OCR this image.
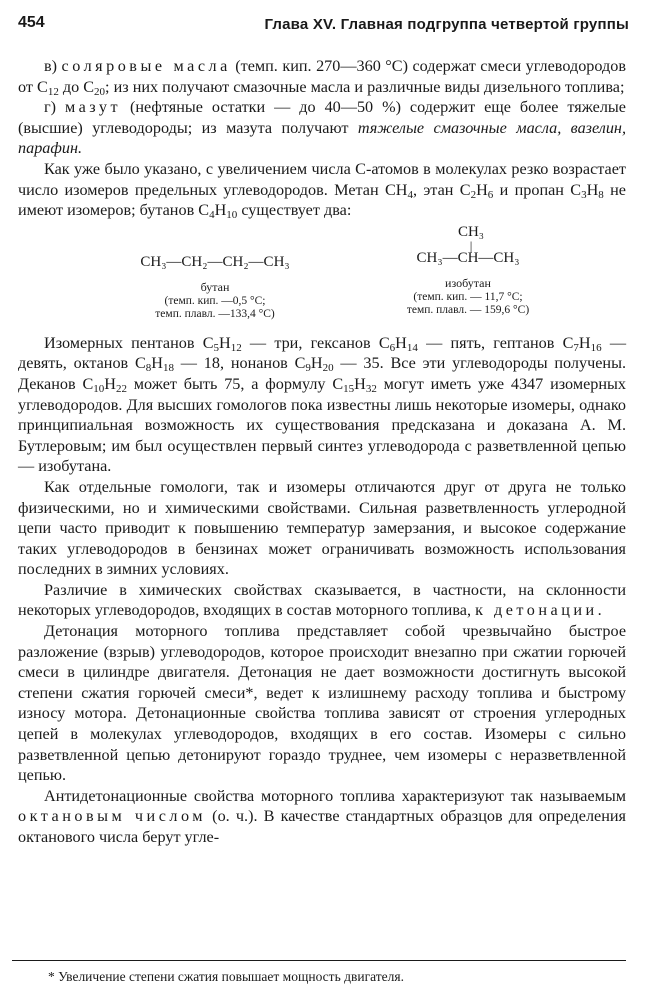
454	Глава XV. Главная подгруппа четвертой группы

в) соляровые масла (темп. кип. 270—360 °C) содержат смеси углеводородов от $C_{12}$ до $C_{20}$; из них получают смазочные масла и различные виды дизельного топлива;

г) мазут (нефтяные остатки — до 40—50 %) содержит еще более тяжелые (высшие) углеводороды; из мазута получают тяжелые смазочные масла, вазелин, парафин.

Как уже было указано, с увеличением числа C-атомов в молекулах резко возрастает число изомеров предельных углеводородов. Метан $CH_4$, этан $C_2H_6$ и пропан $C_3H_8$ не имеют изомеров; бутанов $C_4H_{10}$ существует два:

CH₃—CH₂—CH₂—CH₃
бутан
(темп. кип. —0,5 °C;
темп. плавл. —133,4 °C)
CH₃
|
CH₃—CH—CH₃
изобутан
(темп. кип. — 11,7 °C;
темп. плавл. — 159,6 °C)

Изомерных пентанов $C_5H_{12}$ — три, гексанов $C_6H_{14}$ — пять, гептанов $C_7H_{16}$ — девять, октанов $C_8H_{18}$ — 18, нонанов $C_9H_{20}$ — 35. Все эти углеводороды получены. Деканов $C_{10}H_{22}$ может быть 75, а формулу $C_{15}H_{32}$ могут иметь уже 4347 изомерных углеводородов. Для высших гомологов пока известны лишь некоторые изомеры, однако принципиальная возможность их существования предсказана и доказана А. М. Бутлеровым; им был осуществлен первый синтез углеводорода с разветвленной цепью — изобутана.

Как отдельные гомологи, так и изомеры отличаются друг от друга не только физическими, но и химическими свойствами. Сильная разветвленность углеродной цепи часто приводит к повышению температур замерзания, и высокое содержание таких углеводородов в бензинах может ограничивать возможность использования последних в зимних условиях.

Различие в химических свойствах сказывается, в частности, на склонности некоторых углеводородов, входящих в состав моторного топлива, к детонации.

Детонация моторного топлива представляет собой чрезвычайно быстрое разложение (взрыв) углеводородов, которое происходит внезапно при сжатии горючей смеси в цилиндре двигателя. Детонация не дает возможности достигнуть высокой степени сжатия горючей смеси*, ведет к излишнему расходу топлива и быстрому износу мотора. Детонационные свойства топлива зависят от строения углеродных цепей в молекулах углеводородов, входящих в его состав. Изомеры с сильно разветвленной цепью детонируют гораздо труднее, чем изомеры с неразветвленной цепью.

Антидетонационные свойства моторного топлива характеризуют так называемым октановым числом (о. ч.). В качестве стандартных образцов для определения октанового числа берут угле-

* Увеличение степени сжатия повышает мощность двигателя.
